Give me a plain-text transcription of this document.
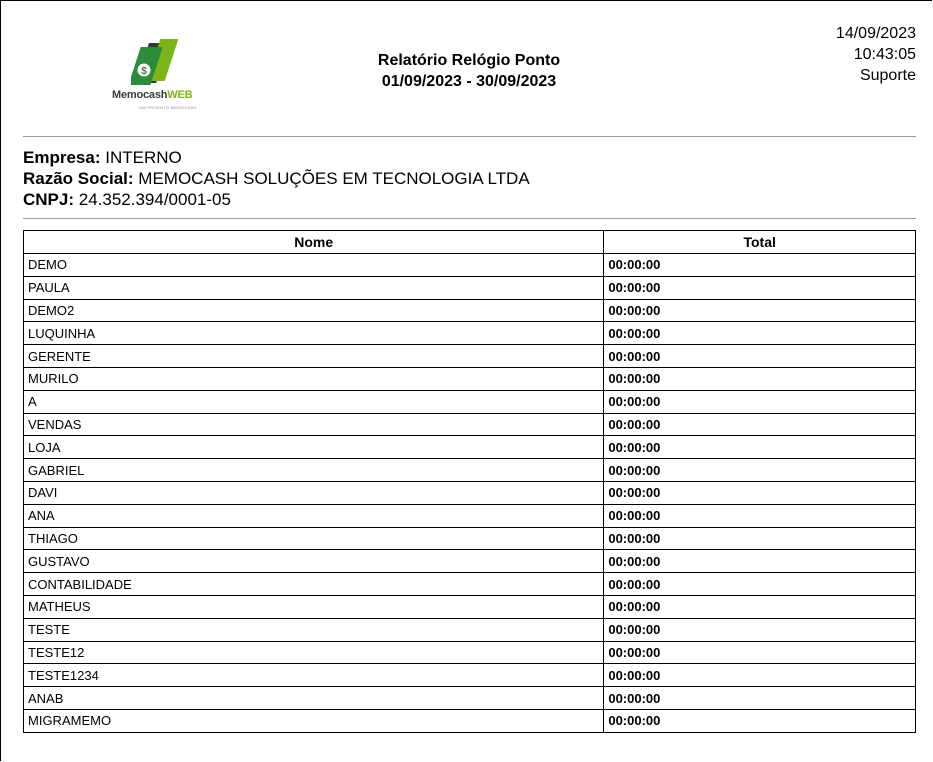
$
MemocashWEB
UM PRODUTO MEMOCASH
Relatório Relógio Ponto
01/09/2023 - 30/09/2023
14/09/2023
10:43:05
Suporte
Empresa: INTERNO
Razão Social: MEMOCASH SOLUÇÕES EM TECNOLOGIA LTDA
CNPJ: 24.352.394/0001-05
Nome	Total
DEMO	00:00:00
PAULA	00:00:00
DEMO2	00:00:00
LUQUINHA	00:00:00
GERENTE	00:00:00
MURILO	00:00:00
A	00:00:00
VENDAS	00:00:00
LOJA	00:00:00
GABRIEL	00:00:00
DAVI	00:00:00
ANA	00:00:00
THIAGO	00:00:00
GUSTAVO	00:00:00
CONTABILIDADE	00:00:00
MATHEUS	00:00:00
TESTE	00:00:00
TESTE12	00:00:00
TESTE1234	00:00:00
ANAB	00:00:00
MIGRAMEMO	00:00:00
